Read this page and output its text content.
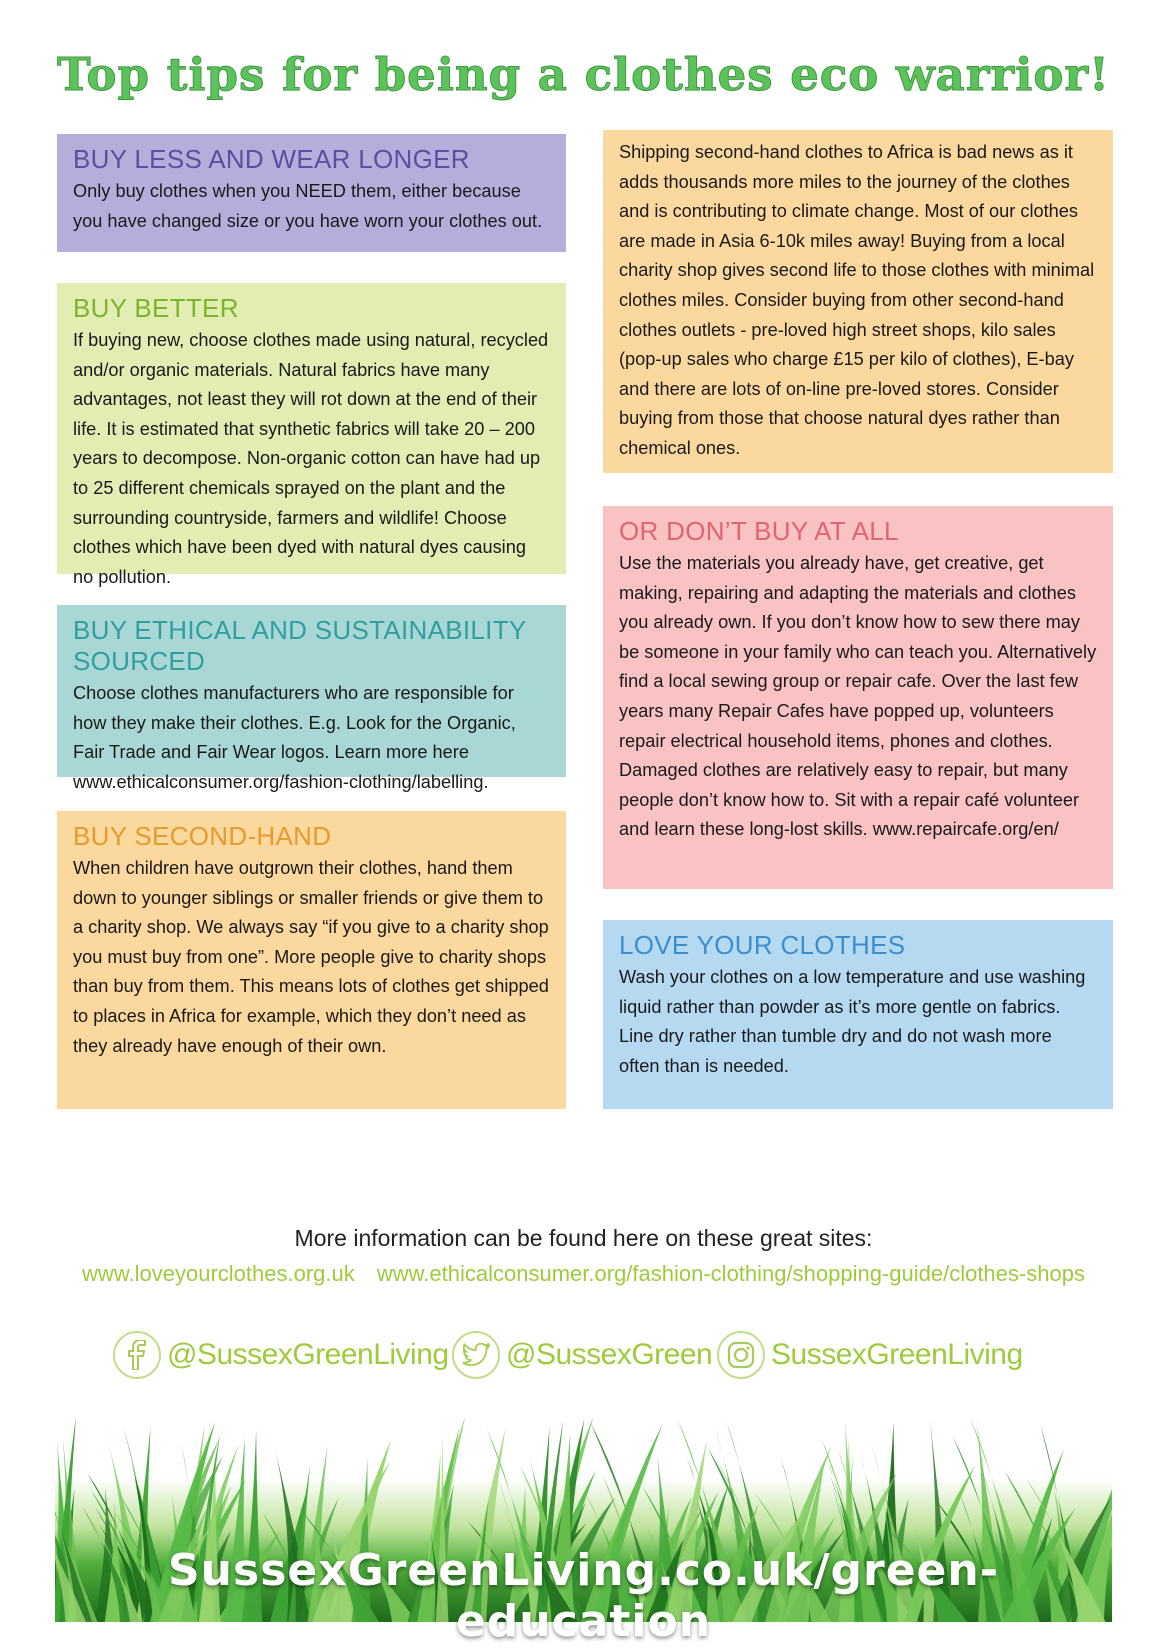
Top tips for being a clothes eco warrior!
BUY LESS AND WEAR LONGER

Only buy clothes when you NEED them, either because you have changed size or you have worn your clothes out.

BUY BETTER

If buying new, choose clothes made using natural, recycled and/or organic materials. Natural fabrics have many advantages, not least they will rot down at the end of their life. It is estimated that synthetic fabrics will take 20 – 200 years to decompose. Non-organic cotton can have had up to 25 different chemicals sprayed on the plant and the surrounding countryside, farmers and wildlife! Choose clothes which have been dyed with natural dyes causing no pollution.

BUY ETHICAL AND SUSTAINABILITY SOURCED

Choose clothes manufacturers who are responsible for how they make their clothes. E.g. Look for the Organic, Fair Trade and Fair Wear logos. Learn more here www.ethicalconsumer.org/fashion-clothing/labelling.

BUY SECOND-HAND

When children have outgrown their clothes, hand them down to younger siblings or smaller friends or give them to a charity shop. We always say “if you give to a charity shop you must buy from one”. More people give to charity shops than buy from them. This means lots of clothes get shipped to places in Africa for example, which they don’t need as they already have enough of their own.

Shipping second-hand clothes to Africa is bad news as it adds thousands more miles to the journey of the clothes and is contributing to climate change. Most of our clothes are made in Asia 6-10k miles away! Buying from a local charity shop gives second life to those clothes with minimal clothes miles. Consider buying from other second-hand clothes outlets - pre-loved high street shops, kilo sales (pop-up sales who charge £15 per kilo of clothes), E-bay and there are lots of on-line pre-loved stores. Consider buying from those that choose natural dyes rather than chemical ones.

OR DON’T BUY AT ALL

Use the materials you already have, get creative, get making, repairing and adapting the materials and clothes you already own. If you don’t know how to sew there may be someone in your family who can teach you. Alternatively find a local sewing group or repair cafe. Over the last few years many Repair Cafes have popped up, volunteers repair electrical household items, phones and clothes. Damaged clothes are relatively easy to repair, but many people don’t know how to. Sit with a repair café volunteer and learn these long-lost skills. www.repaircafe.org/en/

LOVE YOUR CLOTHES

Wash your clothes on a low temperature and use washing liquid rather than powder as it’s more gentle on fabrics. Line dry rather than tumble dry and do not wash more often than is needed.

More information can be found here on these great sites:
www.loveyourclothes.org.uk www.ethicalconsumer.org/fashion-clothing/shopping-guide/clothes-shops
@SussexGreenLiving @SussexGreen SussexGreenLiving
SussexGreenLiving.co.uk/green-education
